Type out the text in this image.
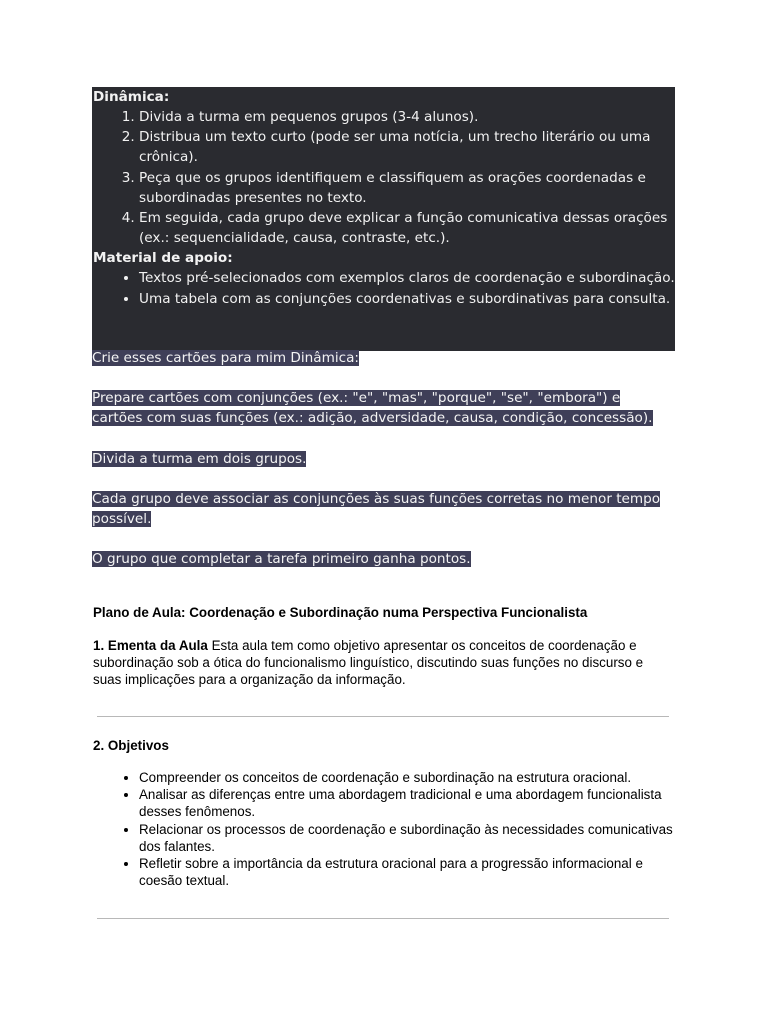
Dinâmica:

1. Divida a turma em pequenos grupos (3-4 alunos).
2. Distribua um texto curto (pode ser uma notícia, um trecho literário ou uma crônica).
3. Peça que os grupos identifiquem e classifiquem as orações coordenadas e subordinadas presentes no texto.
4. Em seguida, cada grupo deve explicar a função comunicativa dessas orações (ex.: sequencialidade, causa, contraste, etc.).

Material de apoio:

• Textos pré-selecionados com exemplos claros de coordenação e subordinação.
• Uma tabela com as conjunções coordenativas e subordinativas para consulta.
Crie esses cartões para mim Dinâmica:
Prepare cartões com conjunções (ex.: "e", "mas", "porque", "se", "embora") e cartões com suas funções (ex.: adição, adversidade, causa, condição, concessão).
Divida a turma em dois grupos.
Cada grupo deve associar as conjunções às suas funções corretas no menor tempo possível.
O grupo que completar a tarefa primeiro ganha pontos.
Plano de Aula: Coordenação e Subordinação numa Perspectiva Funcionalista
1. Ementa da Aula Esta aula tem como objetivo apresentar os conceitos de coordenação e subordinação sob a ótica do funcionalismo linguístico, discutindo suas funções no discurso e suas implicações para a organização da informação.
2. Objetivos
• Compreender os conceitos de coordenação e subordinação na estrutura oracional.
• Analisar as diferenças entre uma abordagem tradicional e uma abordagem funcionalista desses fenômenos.
• Relacionar os processos de coordenação e subordinação às necessidades comunicativas dos falantes.
• Refletir sobre a importância da estrutura oracional para a progressão informacional e coesão textual.
